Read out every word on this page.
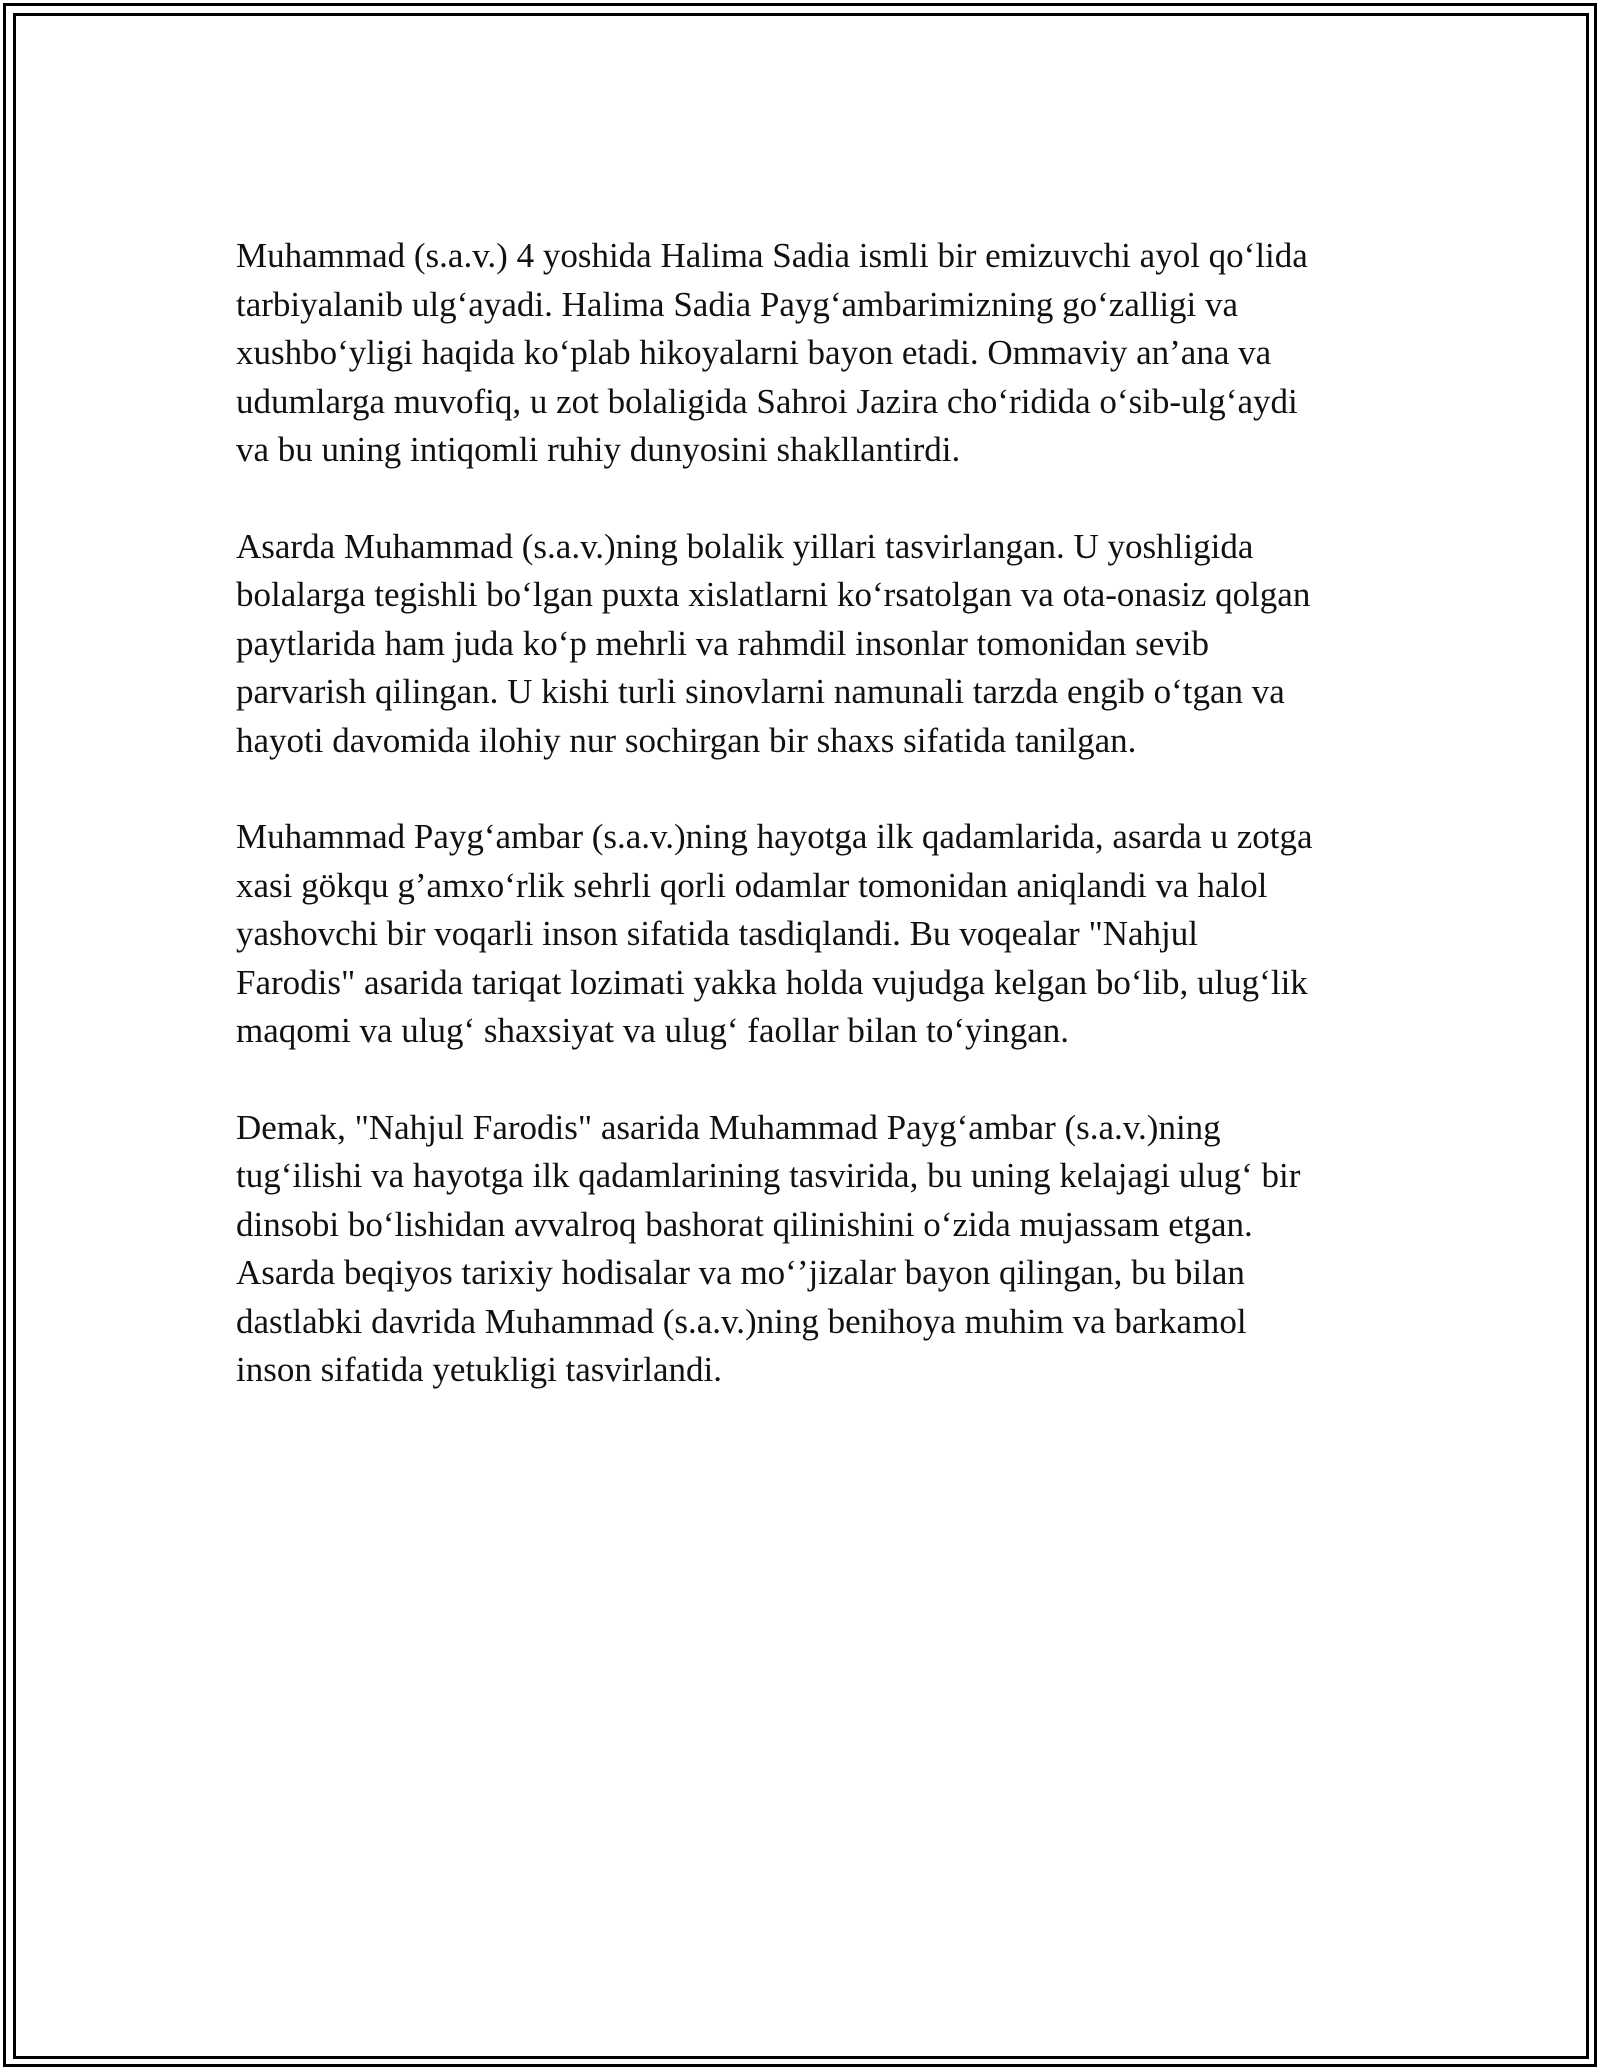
Muhammad (s.a.v.) 4 yoshida Halima Sadia ismli bir emizuvchi ayol qo‘lida
tarbiyalanib ulg‘ayadi. Halima Sadia Payg‘ambarimizning go‘zalligi va
xushbo‘yligi haqida ko‘plab hikoyalarni bayon etadi. Ommaviy an’ana va
udumlarga muvofiq, u zot bolaligida Sahroi Jazira cho‘ridida o‘sib-ulg‘aydi
va bu uning intiqomli ruhiy dunyosini shakllantirdi.

Asarda Muhammad (s.a.v.)ning bolalik yillari tasvirlangan. U yoshligida
bolalarga tegishli bo‘lgan puxta xislatlarni ko‘rsatolgan va ota-onasiz qolgan
paytlarida ham juda ko‘p mehrli va rahmdil insonlar tomonidan sevib
parvarish qilingan. U kishi turli sinovlarni namunali tarzda engib o‘tgan va
hayoti davomida ilohiy nur sochirgan bir shaxs sifatida tanilgan.

Muhammad Payg‘ambar (s.a.v.)ning hayotga ilk qadamlarida, asarda u zotga
xasi gökqu g’amxo‘rlik sehrli qorli odamlar tomonidan aniqlandi va halol
yashovchi bir voqarli inson sifatida tasdiqlandi. Bu voqealar "Nahjul
Farodis" asarida tariqat lozimati yakka holda vujudga kelgan bo‘lib, ulug‘lik
maqomi va ulug‘ shaxsiyat va ulug‘ faollar bilan to‘yingan.

Demak, "Nahjul Farodis" asarida Muhammad Payg‘ambar (s.a.v.)ning
tug‘ilishi va hayotga ilk qadamlarining tasvirida, bu uning kelajagi ulug‘ bir
dinsobi bo‘lishidan avvalroq bashorat qilinishini o‘zida mujassam etgan.
Asarda beqiyos tarixiy hodisalar va mo‘’jizalar bayon qilingan, bu bilan
dastlabki davrida Muhammad (s.a.v.)ning benihoya muhim va barkamol
inson sifatida yetukligi tasvirlandi.
